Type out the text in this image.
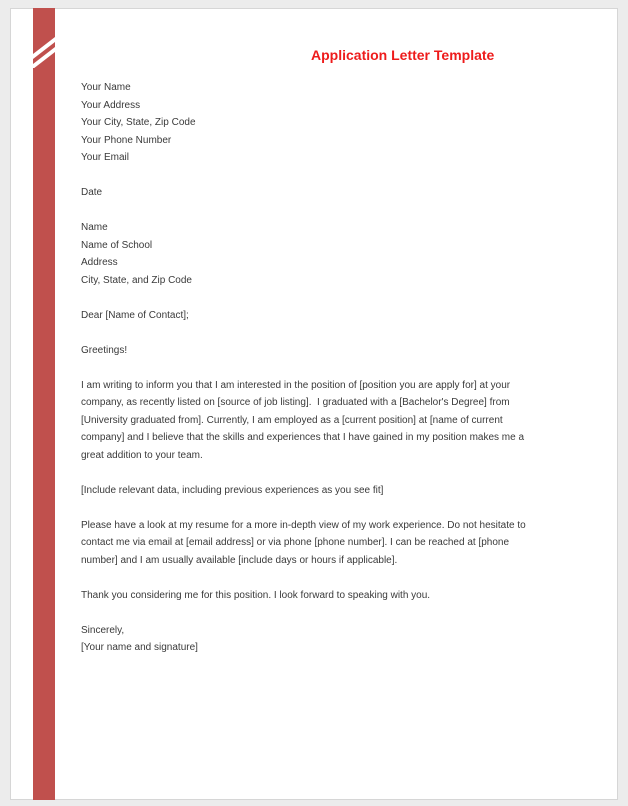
Application Letter Template
Your Name
Your Address
Your City, State, Zip Code
Your Phone Number
Your Email
Date
Name
Name of School
Address
City, State, and Zip Code
Dear [Name of Contact];
Greetings!
I am writing to inform you that I am interested in the position of [position you are apply for] at your
company, as recently listed on [source of job listing].  I graduated with a [Bachelor's Degree] from
[University graduated from]. Currently, I am employed as a [current position] at [name of current
company] and I believe that the skills and experiences that I have gained in my position makes me a
great addition to your team.
[Include relevant data, including previous experiences as you see fit]
Please have a look at my resume for a more in-depth view of my work experience. Do not hesitate to
contact me via email at [email address] or via phone [phone number]. I can be reached at [phone
number] and I am usually available [include days or hours if applicable].
Thank you considering me for this position. I look forward to speaking with you.
Sincerely,
[Your name and signature]
